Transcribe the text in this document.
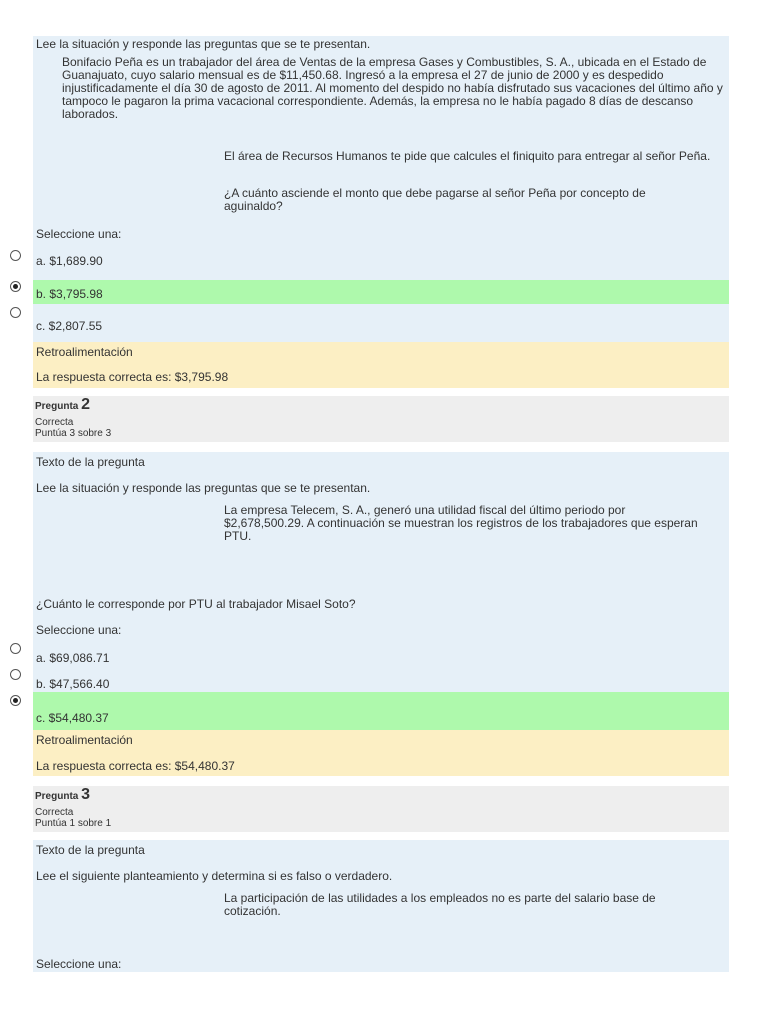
Lee la situación y responde las preguntas que se te presentan.
Bonifacio Peña es un trabajador del área de Ventas de la empresa Gases y Combustibles, S. A., ubicada en el Estado de Guanajuato, cuyo salario mensual es de $11,450.68. Ingresó a la empresa el 27 de junio de 2000 y es despedido injustificadamente el día 30 de agosto de 2011. Al momento del despido no había disfrutado sus vacaciones del último año y tampoco le pagaron la prima vacacional correspondiente. Además, la empresa no le había pagado 8 días de descanso laborados.
El área de Recursos Humanos te pide que calcules el finiquito para entregar al señor Peña.
¿A cuánto asciende el monto que debe pagarse al señor Peña por concepto de aguinaldo?
Seleccione una:
a. $1,689.90
b. $3,795.98
c. $2,807.55
Retroalimentación
La respuesta correcta es: $3,795.98
Pregunta 2
Correcta
Puntúa 3 sobre 3
Texto de la pregunta
Lee la situación y responde las preguntas que se te presentan.
La empresa Telecem, S. A., generó una utilidad fiscal del último periodo por $2,678,500.29. A continuación se muestran los registros de los trabajadores que esperan PTU.
¿Cuánto le corresponde por PTU al trabajador Misael Soto?
Seleccione una:
a. $69,086.71
b. $47,566.40
c. $54,480.37
Retroalimentación
La respuesta correcta es: $54,480.37
Pregunta 3
Correcta
Puntúa 1 sobre 1
Texto de la pregunta
Lee el siguiente planteamiento y determina si es falso o verdadero.
La participación de las utilidades a los empleados no es parte del salario base de cotización.
Seleccione una:
